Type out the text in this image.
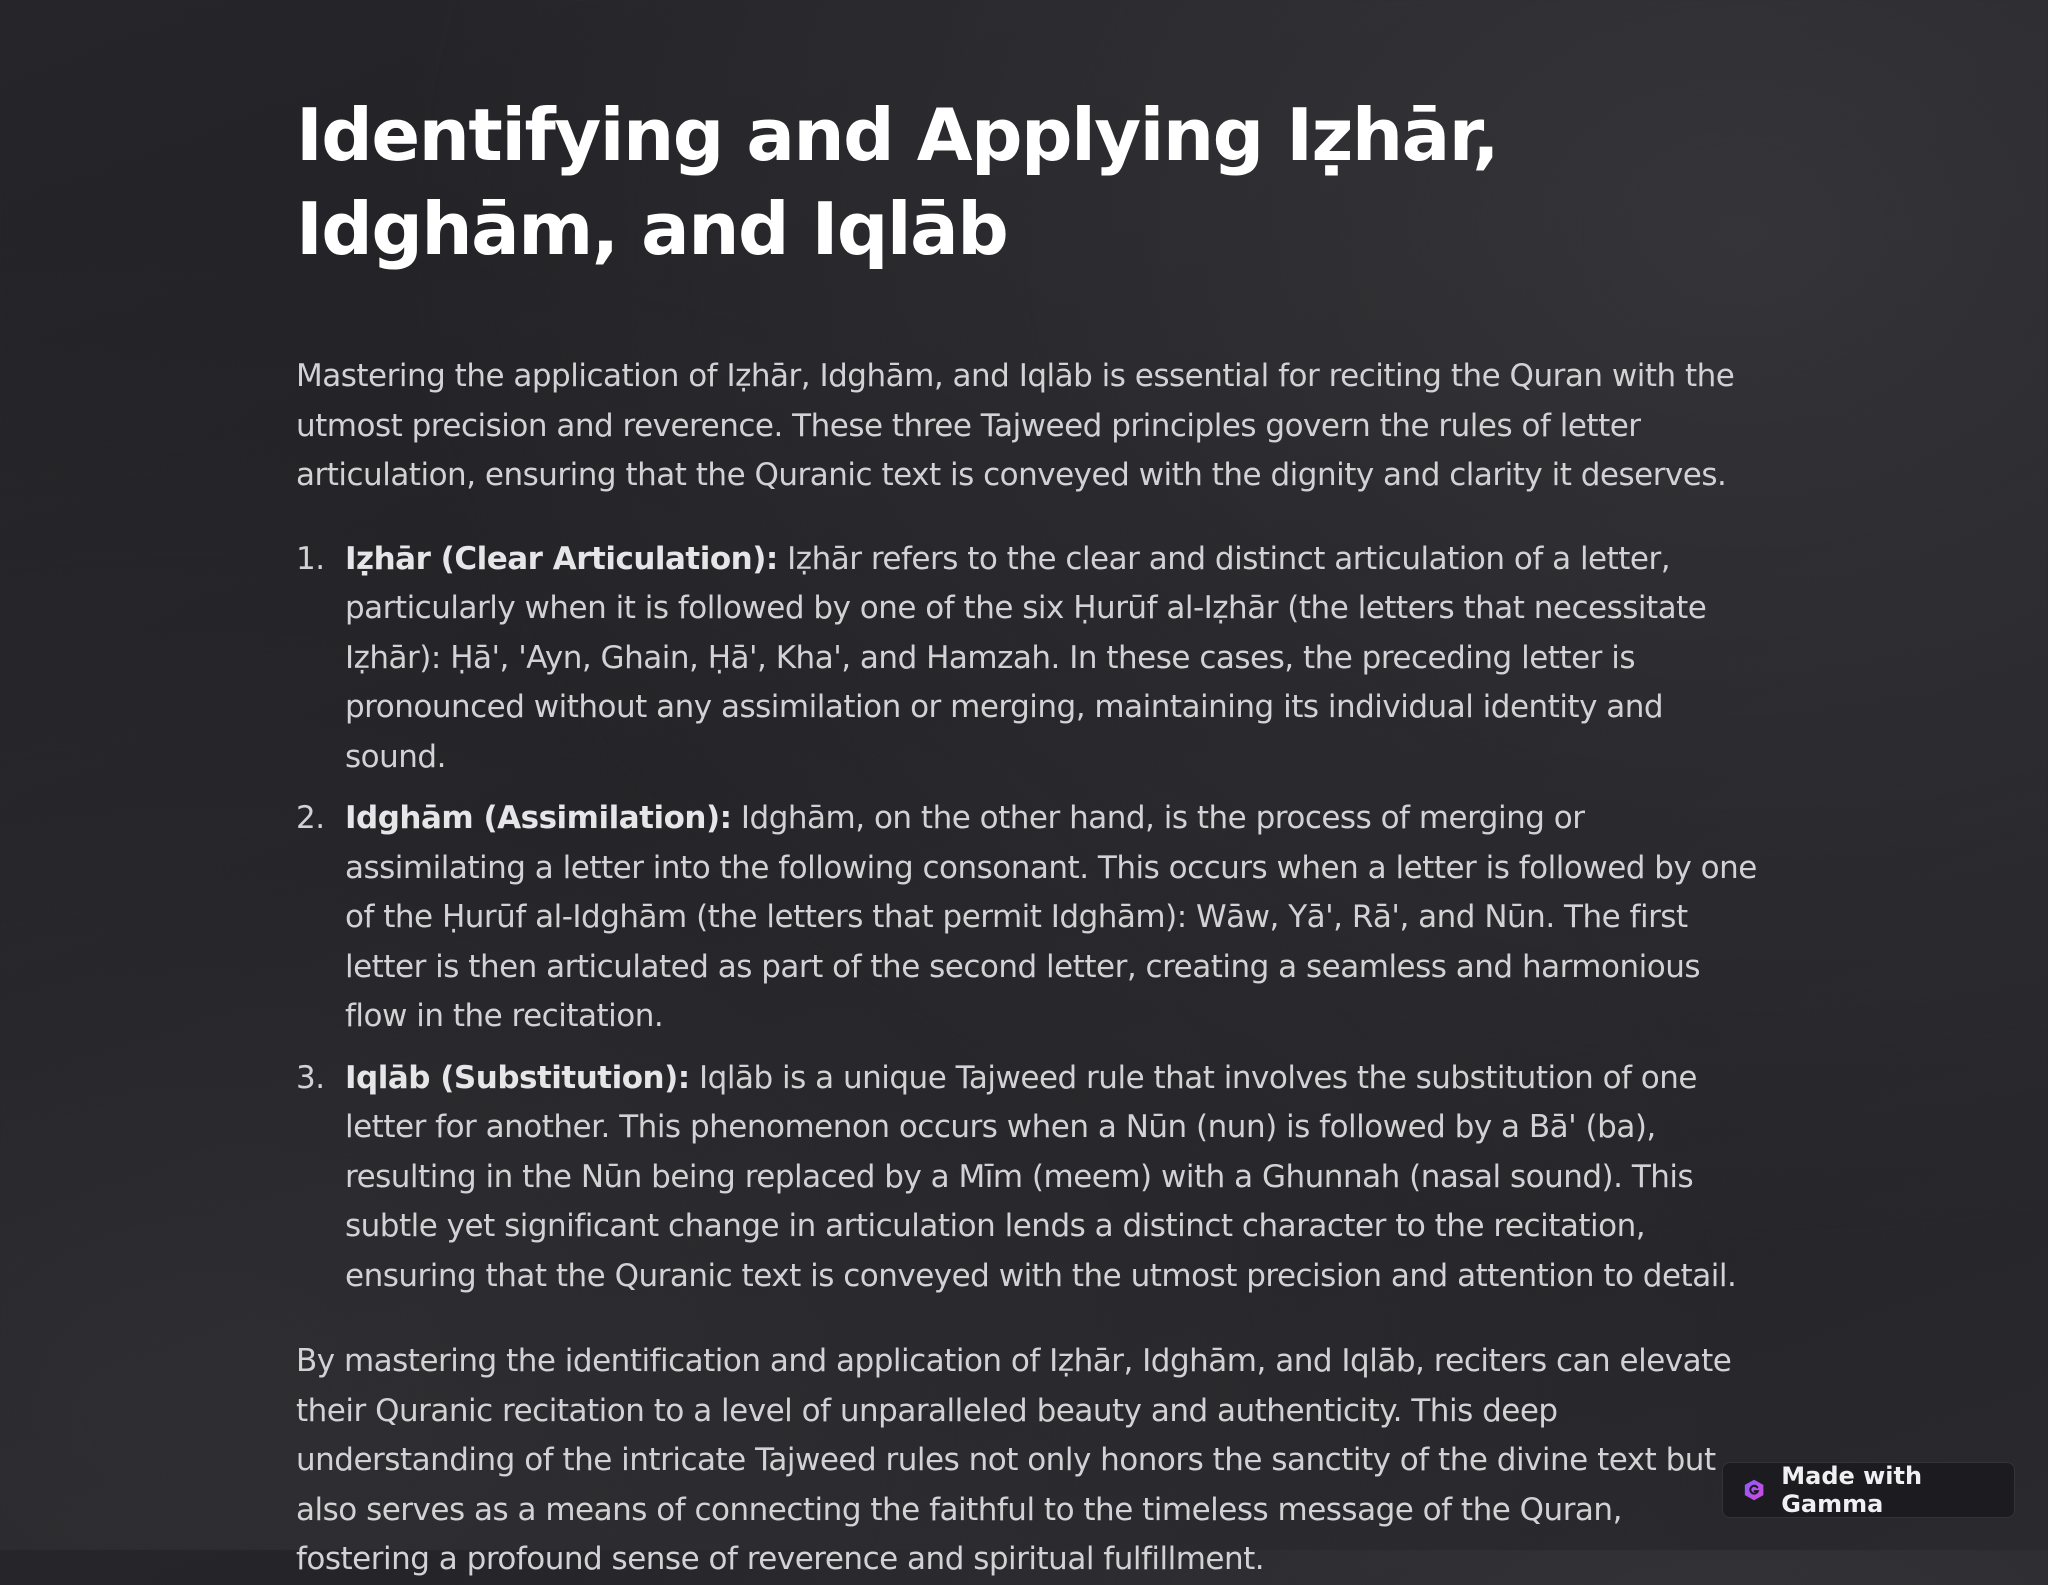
Identifying and Applying Iẓhār, Idghām, and Iqlāb

Mastering the application of Iẓhār, Idghām, and Iqlāb is essential for reciting the Quran with the utmost precision and reverence. These three Tajweed principles govern the rules of letter articulation, ensuring that the Quranic text is conveyed with the dignity and clarity it deserves.

1. Iẓhār (Clear Articulation): Iẓhār refers to the clear and distinct articulation of a letter, particularly when it is followed by one of the six Ḥurūf al-Iẓhār (the letters that necessitate Iẓhār): Ḥā', 'Ayn, Ghain, Ḥā', Kha', and Hamzah. In these cases, the preceding letter is pronounced without any assimilation or merging, maintaining its individual identity and sound.
2. Idghām (Assimilation): Idghām, on the other hand, is the process of merging or assimilating a letter into the following consonant. This occurs when a letter is followed by one of the Ḥurūf al-Idghām (the letters that permit Idghām): Wāw, Yā', Rā', and Nūn. The first letter is then articulated as part of the second letter, creating a seamless and harmonious flow in the recitation.
3. Iqlāb (Substitution): Iqlāb is a unique Tajweed rule that involves the substitution of one letter for another. This phenomenon occurs when a Nūn (nun) is followed by a Bā' (ba), resulting in the Nūn being replaced by a Mīm (meem) with a Ghunnah (nasal sound). This subtle yet significant change in articulation lends a distinct character to the recitation, ensuring that the Quranic text is conveyed with the utmost precision and attention to detail.

By mastering the identification and application of Iẓhār, Idghām, and Iqlāb, reciters can elevate their Quranic recitation to a level of unparalleled beauty and authenticity. This deep understanding of the intricate Tajweed rules not only honors the sanctity of the divine text but also serves as a means of connecting the faithful to the timeless message of the Quran, fostering a profound sense of reverence and spiritual fulfillment.

Made with Gamma
